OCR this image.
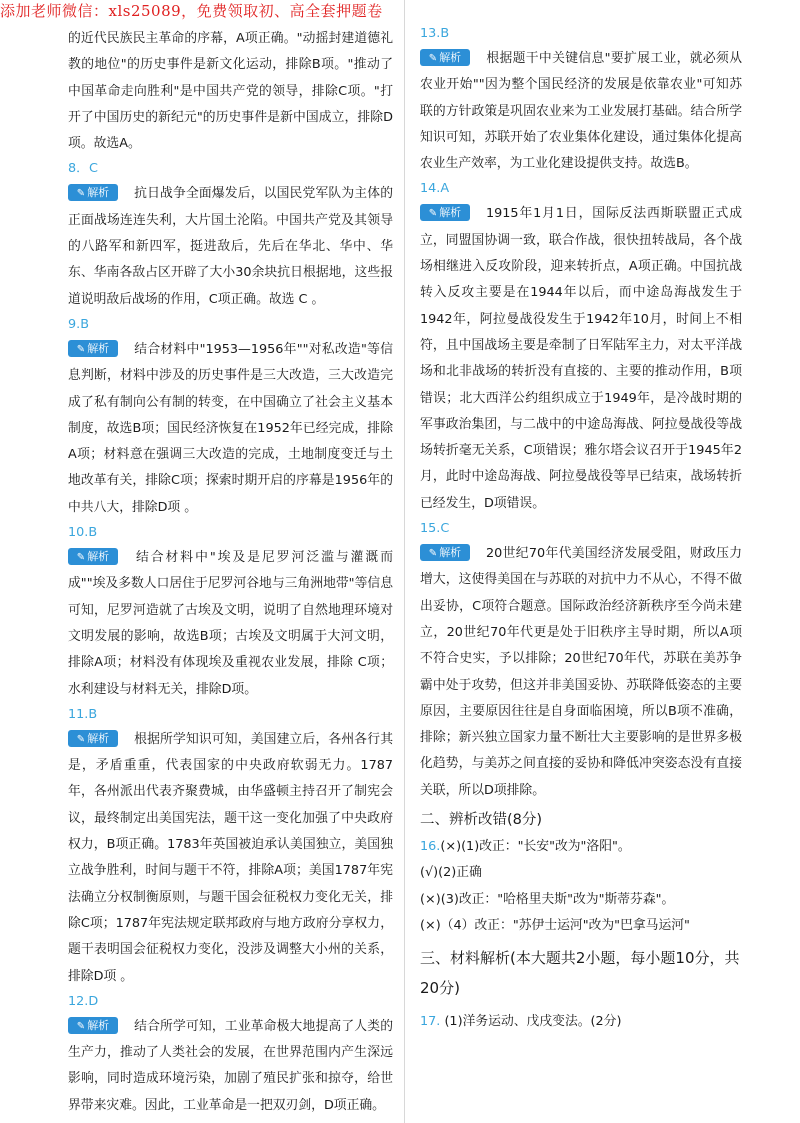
添加老师微信：xls25089，免费领取初、高全套押题卷

的近代民族民主革命的序幕，A项正确。"动摇封建道德礼教的地位"的历史事件是新文化运动，排除B项。"推动了中国革命走向胜利"是中国共产党的领导，排除C项。"打开了中国历史的新纪元"的历史事件是新中国成立，排除D项。故选A。

8．C

✎ 解析 抗日战争全面爆发后，以国民党军队为主体的正面战场连连失利，大片国土沦陷。中国共产党及其领导的八路军和新四军，挺进敌后，先后在华北、华中、华东、华南各敌占区开辟了大小30余块抗日根据地，这些报道说明敌后战场的作用，C项正确。故选 C 。

9.B

✎ 解析 结合材料中"1953—1956年""对私改造"等信息判断，材料中涉及的历史事件是三大改造，三大改造完成了私有制向公有制的转变，在中国确立了社会主义基本制度，故选B项；国民经济恢复在1952年已经完成，排除A项；材料意在强调三大改造的完成，土地制度变迁与土地改革有关，排除C项；探索时期开启的序幕是1956年的中共八大，排除D项 。

10.B

✎ 解析 结合材料中"埃及是尼罗河泛滥与灌溉而成""埃及多数人口居住于尼罗河谷地与三角洲地带"等信息可知，尼罗河造就了古埃及文明，说明了自然地理环境对文明发展的影响，故选B项；古埃及文明属于大河文明，排除A项；材料没有体现埃及重视农业发展，排除 C项；水利建设与材料无关，排除D项。

11.B

✎ 解析 根据所学知识可知，美国建立后，各州各行其是，矛盾重重，代表国家的中央政府软弱无力。1787年，各州派出代表齐聚费城，由华盛顿主持召开了制宪会议，最终制定出美国宪法，题干这一变化加强了中央政府权力，B项正确。1783年英国被迫承认美国独立，美国独立战争胜利，时间与题干不符，排除A项；美国1787年宪法确立分权制衡原则，与题干国会征税权力变化无关，排除C项；1787年宪法规定联邦政府与地方政府分享权力，题干表明国会征税权力变化，没涉及调整大小州的关系，排除D项 。

12.D

✎ 解析 结合所学可知，工业革命极大地提高了人类的生产力，推动了人类社会的发展，在世界范围内产生深远影响，同时造成环境污染，加剧了殖民扩张和掠夺，给世界带来灾难。因此，工业革命是一把双刃剑，D项正确。

13.B

✎ 解析 根据题干中关键信息"要扩展工业，就必须从农业开始""因为整个国民经济的发展是依靠农业"可知苏联的方针政策是巩固农业来为工业发展打基础。结合所学知识可知，苏联开始了农业集体化建设，通过集体化提高农业生产效率，为工业化建设提供支持。故选B。

14.A

✎ 解析 1915年1月1日，国际反法西斯联盟正式成立，同盟国协调一致，联合作战，很快扭转战局，各个战场相继进入反攻阶段，迎来转折点，A项正确。中国抗战转入反攻主要是在1944年以后，而中途岛海战发生于1942年，阿拉曼战役发生于1942年10月，时间上不相符，且中国战场主要是牵制了日军陆军主力，对太平洋战场和北非战场的转折没有直接的、主要的推动作用，B项错误；北大西洋公约组织成立于1949年，是冷战时期的军事政治集团，与二战中的中途岛海战、阿拉曼战役等战场转折毫无关系，C项错误；雅尔塔会议召开于1945年2月，此时中途岛海战、阿拉曼战役等早已结束，战场转折已经发生，D项错误。

15.C

✎ 解析 20世纪70年代美国经济发展受阻，财政压力增大，这使得美国在与苏联的对抗中力不从心，不得不做出妥协，C项符合题意。国际政治经济新秩序至今尚未建立，20世纪70年代更是处于旧秩序主导时期，所以A项不符合史实，予以排除；20世纪70年代，苏联在美苏争霸中处于攻势，但这并非美国妥协、苏联降低姿态的主要原因，主要原因往往是自身面临困境，所以B项不准确，排除；新兴独立国家力量不断壮大主要影响的是世界多极化趋势，与美苏之间直接的妥协和降低冲突姿态没有直接关联，所以D项排除。

二、辨析改错(8分)

16.(×)(1)改正："长安"改为"洛阳"。

(√)(2)正确

(×)(3)改正："哈格里夫斯"改为"斯蒂芬森"。

(×)（4）改正："苏伊士运河"改为"巴拿马运河"

三、材料解析(本大题共2小题，每小题10分，共20分)

17. (1)洋务运动、戊戌变法。(2分)
